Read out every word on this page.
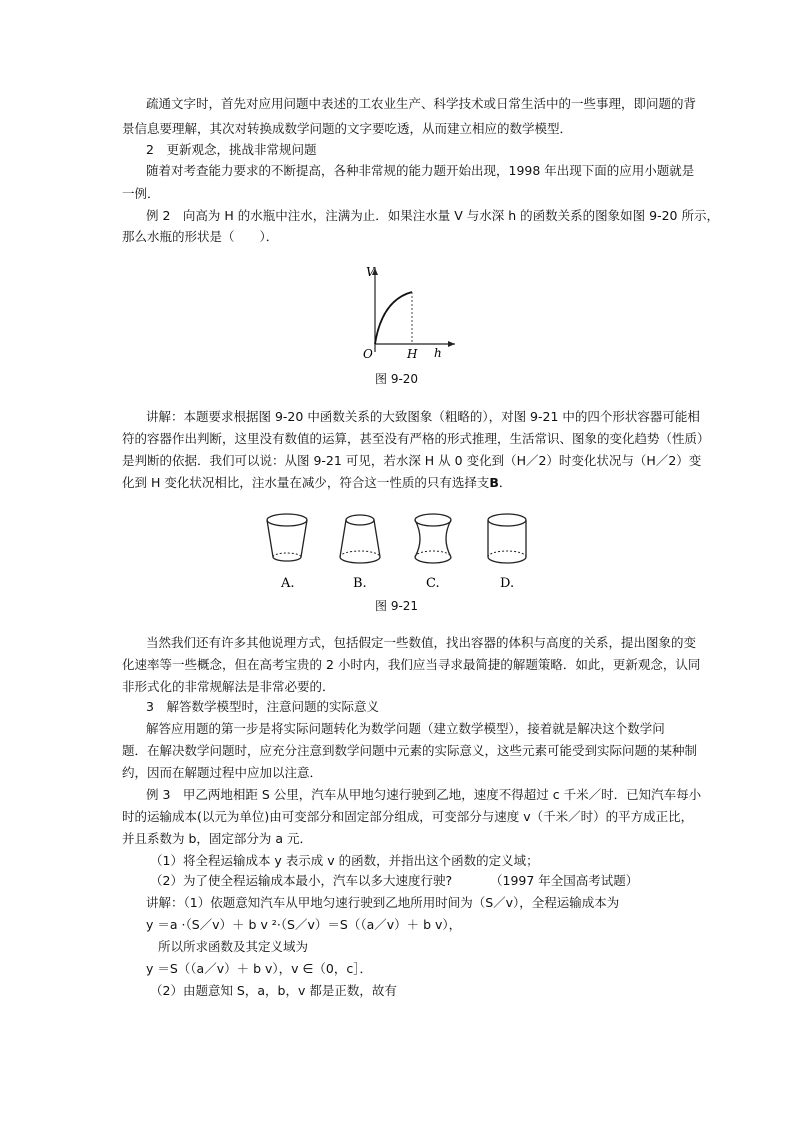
疏通文字时，首先对应用问题中表述的工农业生产、科学技术或日常生活中的一些事理，即问题的背
景信息要理解，其次对转换成数学问题的文字要吃透，从而建立相应的数学模型．
2　更新观念，挑战非常规问题
随着对考查能力要求的不断提高，各种非常规的能力题开始出现，1998 年出现下面的应用小题就是
一例．
例 2　向高为 H 的水瓶中注水，注满为止．如果注水量 V 与水深 h 的函数关系的图象如图 9-20 所示，
那么水瓶的形状是（　　）．
V
h
O	H
图 9-20
讲解：本题要求根据图 9-20 中函数关系的大致图象（粗略的），对图 9-21 中的四个形状容器可能相
符的容器作出判断，这里没有数值的运算，甚至没有严格的形式推理，生活常识、图象的变化趋势（性质）
是判断的依据．我们可以说：从图 9-21 可见，若水深 H 从 0 变化到（H／2）时变化状况与（H／2）变
化到 H 变化状况相比，注水量在减少，符合这一性质的只有选择支B．
A.	B.	C.	D.
图 9-21
当然我们还有许多其他说理方式，包括假定一些数值，找出容器的体积与高度的关系，提出图象的变
化速率等一些概念，但在高考宝贵的 2 小时内，我们应当寻求最简捷的解题策略．如此，更新观念，认同
非形式化的非常规解法是非常必要的．
3　解答数学模型时，注意问题的实际意义
解答应用题的第一步是将实际问题转化为数学问题（建立数学模型），接着就是解决这个数学问
题．在解决数学问题时，应充分注意到数学问题中元素的实际意义，这些元素可能受到实际问题的某种制
约，因而在解题过程中应加以注意．
例 3　甲乙两地相距 S 公里，汽车从甲地匀速行驶到乙地，速度不得超过 c 千米／时．已知汽车每小
时的运输成本(以元为单位)由可变部分和固定部分组成，可变部分与速度 v（千米／时）的平方成正比，
并且系数为 b，固定部分为 a 元．
（1）将全程运输成本 y 表示成 v 的函数，并指出这个函数的定义域；
（2）为了使全程运输成本最小，汽车以多大速度行驶?	（1997 年全国高考试题）
讲解：（1）依题意知汽车从甲地匀速行驶到乙地所用时间为（S／v），全程运输成本为
y ＝a ·（S／v）＋ b v ²·（S／v）＝S（（a／v）＋ b v），
所以所求函数及其定义域为
y ＝S（（a／v）＋ b v），v ∈（0，c］．
（2）由题意知 S，a，b，v 都是正数，故有
